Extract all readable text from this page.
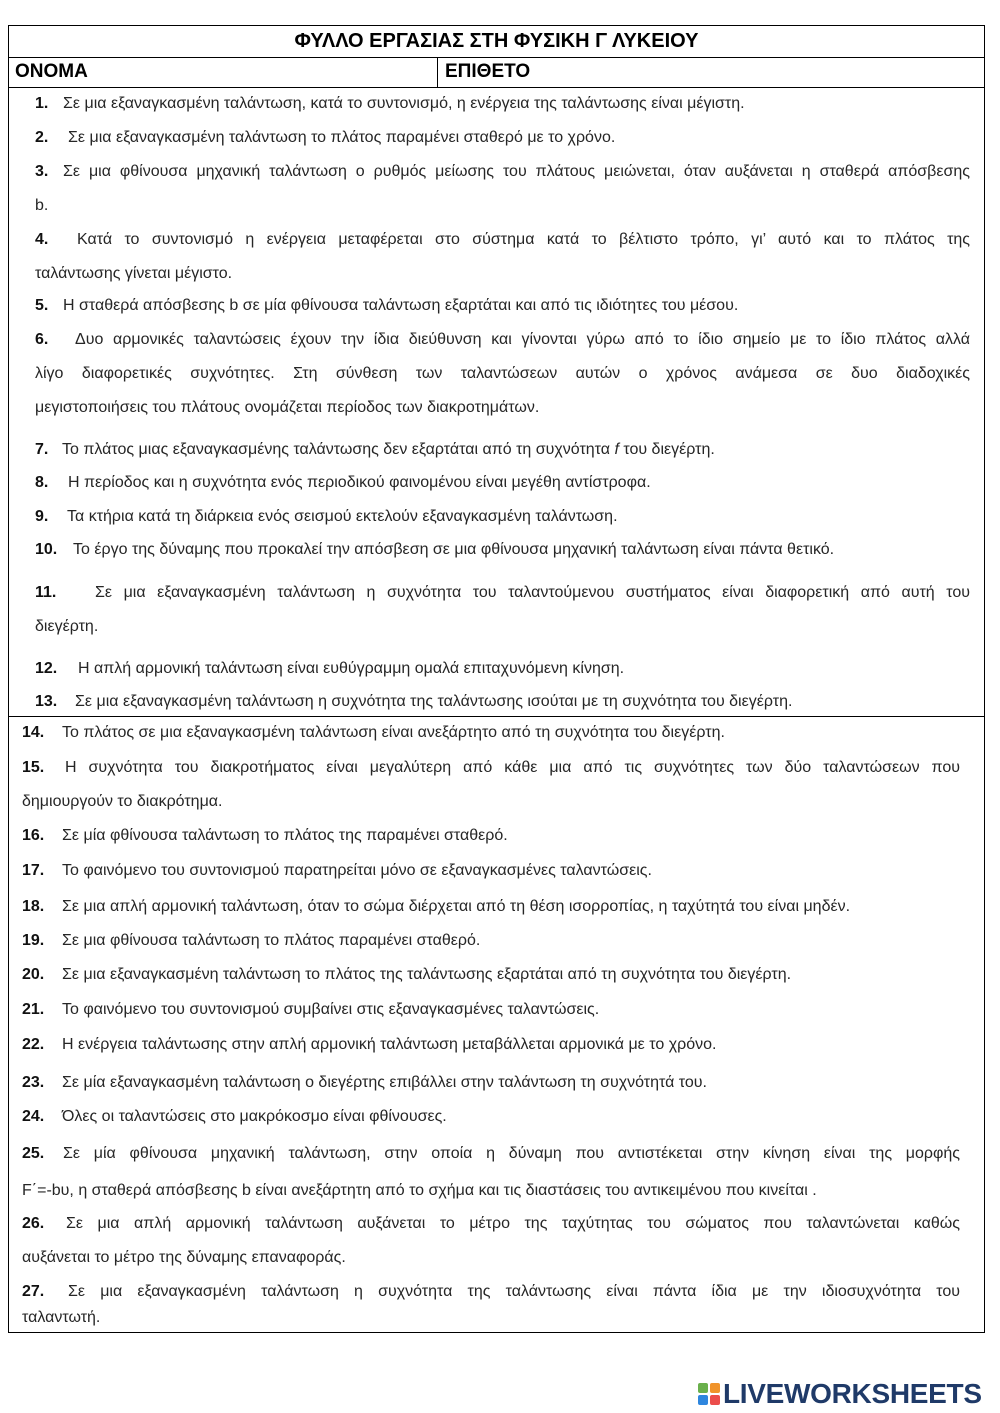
ΦΥΛΛΟ ΕΡΓΑΣΙΑΣ ΣΤΗ ΦΥΣΙΚΗ Γ ΛΥΚΕΙΟΥ
ΟΝΟΜΑ	ΕΠΙΘΕΤΟ
1. Σε μια εξαναγκασμένη ταλάντωση, κατά το συντονισμό, η ενέργεια της ταλάντωσης είναι μέγιστη.
2. Σε μια εξαναγκασμένη ταλάντωση το πλάτος παραμένει σταθερό με το χρόνο.
3. Σε μια φθίνουσα μηχανική ταλάντωση ο ρυθμός μείωσης του πλάτους μειώνεται, όταν αυξάνεται η σταθερά απόσβεσης
b.
4. Κατά το συντονισμό η ενέργεια μεταφέρεται στο σύστημα κατά το βέλτιστο τρόπο, γι’ αυτό και το πλάτος της
ταλάντωσης γίνεται μέγιστο.
5. Η σταθερά απόσβεσης b σε μία φθίνουσα ταλάντωση εξαρτάται και από τις ιδιότητες του μέσου.
6. Δυο αρμονικές ταλαντώσεις έχουν την ίδια διεύθυνση και γίνονται γύρω από το ίδιο σημείο με το ίδιο πλάτος αλλά
λίγο διαφορετικές συχνότητες. Στη σύνθεση των ταλαντώσεων αυτών ο χρόνος ανάμεσα σε δυο διαδοχικές
μεγιστοποιήσεις του πλάτους ονομάζεται περίοδος των διακροτημάτων.
7. Το πλάτος μιας εξαναγκασμένης ταλάντωσης δεν εξαρτάται από τη συχνότητα f του διεγέρτη.
8. Η περίοδος και η συχνότητα ενός περιοδικού φαινομένου είναι μεγέθη αντίστροφα.
9. Τα κτήρια κατά τη διάρκεια ενός σεισμού εκτελούν εξαναγκασμένη ταλάντωση.
10. Το έργο της δύναμης που προκαλεί την απόσβεση σε μια φθίνουσα μηχανική ταλάντωση είναι πάντα θετικό.
11. Σε μια εξαναγκασμένη ταλάντωση η συχνότητα του ταλαντούμενου συστήματος είναι διαφορετική από αυτή του
διεγέρτη.
12. Η απλή αρμονική ταλάντωση είναι ευθύγραμμη ομαλά επιταχυνόμενη κίνηση.
13. Σε μια εξαναγκασμένη ταλάντωση η συχνότητα της ταλάντωσης ισούται με τη συχνότητα του διεγέρτη.
14. Το πλάτος σε μια εξαναγκασμένη ταλάντωση είναι ανεξάρτητο από τη συχνότητα του διεγέρτη.
15. Η συχνότητα του διακροτήματος είναι μεγαλύτερη από κάθε μια από τις συχνότητες των δύο ταλαντώσεων που
δημιουργούν το διακρότημα.
16. Σε μία φθίνουσα ταλάντωση το πλάτος της παραμένει σταθερό.
17. Το φαινόμενο του συντονισμού παρατηρείται μόνο σε εξαναγκασμένες ταλαντώσεις.
18. Σε μια απλή αρμονική ταλάντωση, όταν το σώμα διέρχεται από τη θέση ισορροπίας, η ταχύτητά του είναι μηδέν.
19. Σε μια φθίνουσα ταλάντωση το πλάτος παραμένει σταθερό.
20. Σε μια εξαναγκασμένη ταλάντωση το πλάτος της ταλάντωσης εξαρτάται από τη συχνότητα του διεγέρτη.
21. Το φαινόμενο του συντονισμού συμβαίνει στις εξαναγκασμένες ταλαντώσεις.
22. Η ενέργεια ταλάντωσης στην απλή αρμονική ταλάντωση μεταβάλλεται αρμονικά με το χρόνο.
23. Σε μία εξαναγκασμένη ταλάντωση ο διεγέρτης επιβάλλει στην ταλάντωση τη συχνότητά του.
24. Όλες οι ταλαντώσεις στο μακρόκοσμο είναι φθίνουσες.
25. Σε μία φθίνουσα μηχανική ταλάντωση, στην οποία η δύναμη που αντιστέκεται στην κίνηση είναι της μορφής
F΄=-bυ, η σταθερά απόσβεσης b είναι ανεξάρτητη από το σχήμα και τις διαστάσεις του αντικειμένου που κινείται .
26. Σε μια απλή αρμονική ταλάντωση αυξάνεται το μέτρο της ταχύτητας του σώματος που ταλαντώνεται καθώς
αυξάνεται το μέτρο της δύναμης επαναφοράς.
27. Σε μια εξαναγκασμένη ταλάντωση η συχνότητα της ταλάντωσης είναι πάντα ίδια με την ιδιοσυχνότητα του
ταλαντωτή.
LIVEWORKSHEETS
